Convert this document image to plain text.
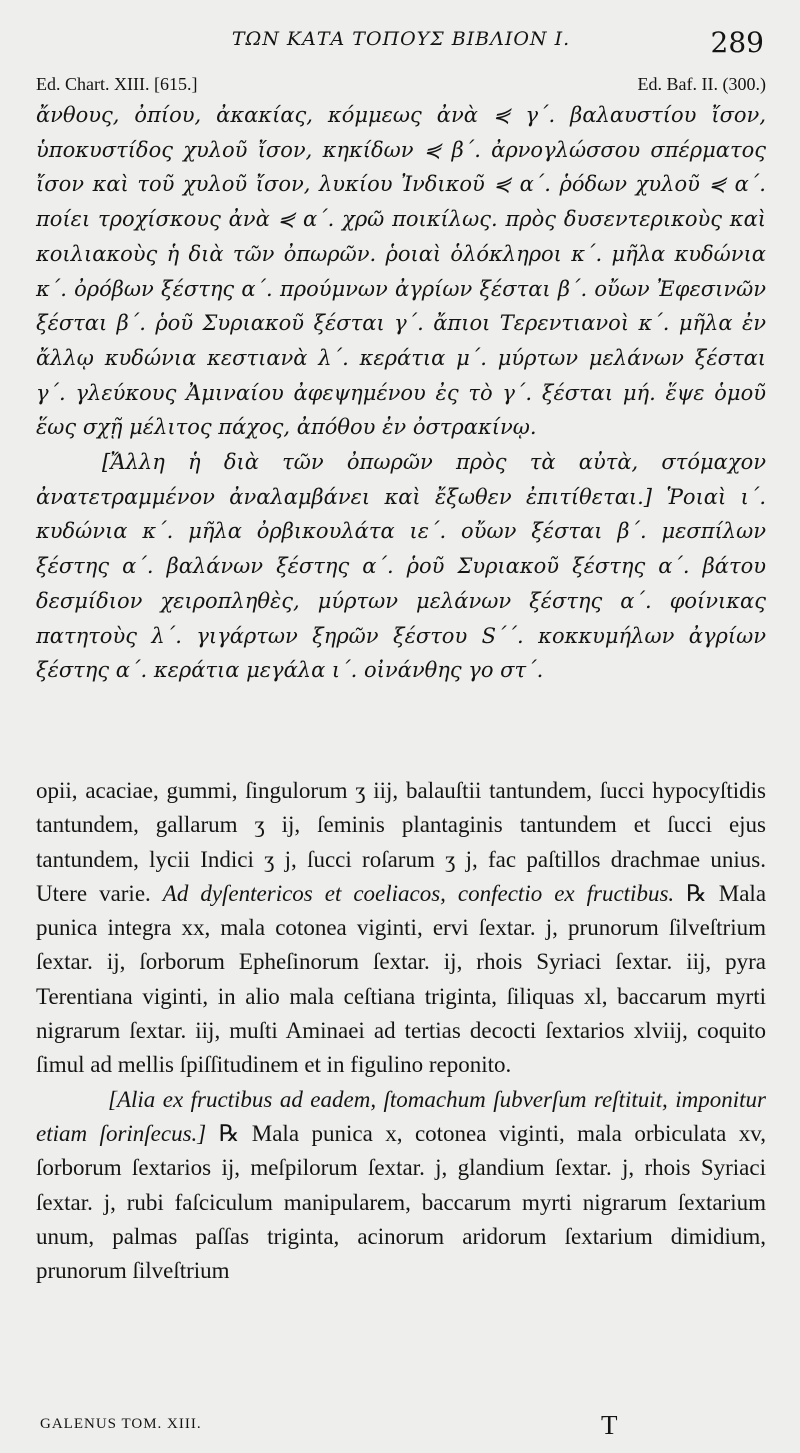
ΤΩΝ ΚΑΤΑ ΤΟΠΟΥΣ ΒΙΒΛΙΟΝ Ι.	289
Ed. Chart. XIII. [615.]	Ed. Baf. II. (300.)

ἄνθους, ὀπίου, ἀκακίας, κόμμεως ἀνὰ ⋞ γ΄. βαλαυστίου ἴσον, ὑποκυστίδος χυλοῦ ἴσον, κηκίδων ⋞ β΄. ἀρνογλώσσου σπέρματος ἴσον καὶ τοῦ χυλοῦ ἴσον, λυκίου Ἰνδικοῦ ⋞ α΄. ῥόδων χυλοῦ ⋞ α΄. ποίει τροχίσκους ἀνὰ ⋞ α΄. χρῶ ποικίλως. πρὸς δυσεντερικοὺς καὶ κοιλιακοὺς ἡ διὰ τῶν ὀπωρῶν. ῥοιαὶ ὁλόκληροι κ΄. μῆλα κυδώνια κ΄. ὀρόβων ξέστης α΄. προύμνων ἀγρίων ξέσται β΄. οὔων Ἐφεσινῶν ξέσται β΄. ῥοῦ Συριακοῦ ξέσται γ΄. ἄπιοι Τερεντιανοὶ κ΄. μῆλα ἐν ἄλλῳ κυδώνια κεστιανὰ λ΄. κεράτια μ΄. μύρτων μελάνων ξέσται γ΄. γλεύκους Ἀμιναίου ἀφεψημένου ἐς τὸ γ΄. ξέσται μή. ἕψε ὁμοῦ ἕως σχῇ μέλιτος πάχος, ἀπόθου ἐν ὀστρακίνῳ.

[Ἄλλη ἡ διὰ τῶν ὀπωρῶν πρὸς τὰ αὐτὰ, στόμαχον ἀνατετραμμένον ἀναλαμβάνει καὶ ἔξωθεν ἐπιτίθεται.] Ῥοιαὶ ι΄. κυδώνια κ΄. μῆλα ὀρβικουλάτα ιε΄. οὔων ξέσται β΄. μεσπίλων ξέστης α΄. βαλάνων ξέστης α΄. ῥοῦ Συριακοῦ ξέστης α΄. βάτου δεσμίδιον χειροπληθὲς, μύρτων μελάνων ξέστης α΄. φοίνικας πατητοὺς λ΄. γιγάρτων ξηρῶν ξέστου S΄΄. κοκκυμήλων ἀγρίων ξέστης α΄. κεράτια μεγάλα ι΄. οἰνάνθης γο στ΄.

opii, acaciae, gummi, ſingulorum ʒ iij, balauſtii tantundem, ſucci hypocyſtidis tantundem, gallarum ʒ ij, ſeminis plantaginis tantundem et ſucci ejus tantundem, lycii Indici ʒ j, ſucci roſarum ʒ j, fac paſtillos drachmae unius. Utere varie. Ad dyſentericos et coeliacos, confectio ex fructibus. ℞ Mala punica integra xx, mala cotonea viginti, ervi ſextar. j, prunorum ſilveſtrium ſextar. ij, ſorborum Epheſinorum ſextar. ij, rhois Syriaci ſextar. iij, pyra Terentiana viginti, in alio mala ceſtiana triginta, ſiliquas xl, baccarum myrti nigrarum ſextar. iij, muſti Aminaei ad tertias decocti ſextarios xlviij, coquito ſimul ad mellis ſpiſſitudinem et in figulino reponito.

[Alia ex fructibus ad eadem, ſtomachum ſubverſum reſtituit, imponitur etiam ſorinſecus.] ℞ Mala punica x, cotonea viginti, mala orbiculata xv, ſorborum ſextarios ij, meſpilorum ſextar. j, glandium ſextar. j, rhois Syriaci ſextar. j, rubi faſciculum manipularem, baccarum myrti nigrarum ſextarium unum, palmas paſſas triginta, acinorum aridorum ſextarium dimidium, prunorum ſilveſtrium

GALENUS TOM. XIII.	T
